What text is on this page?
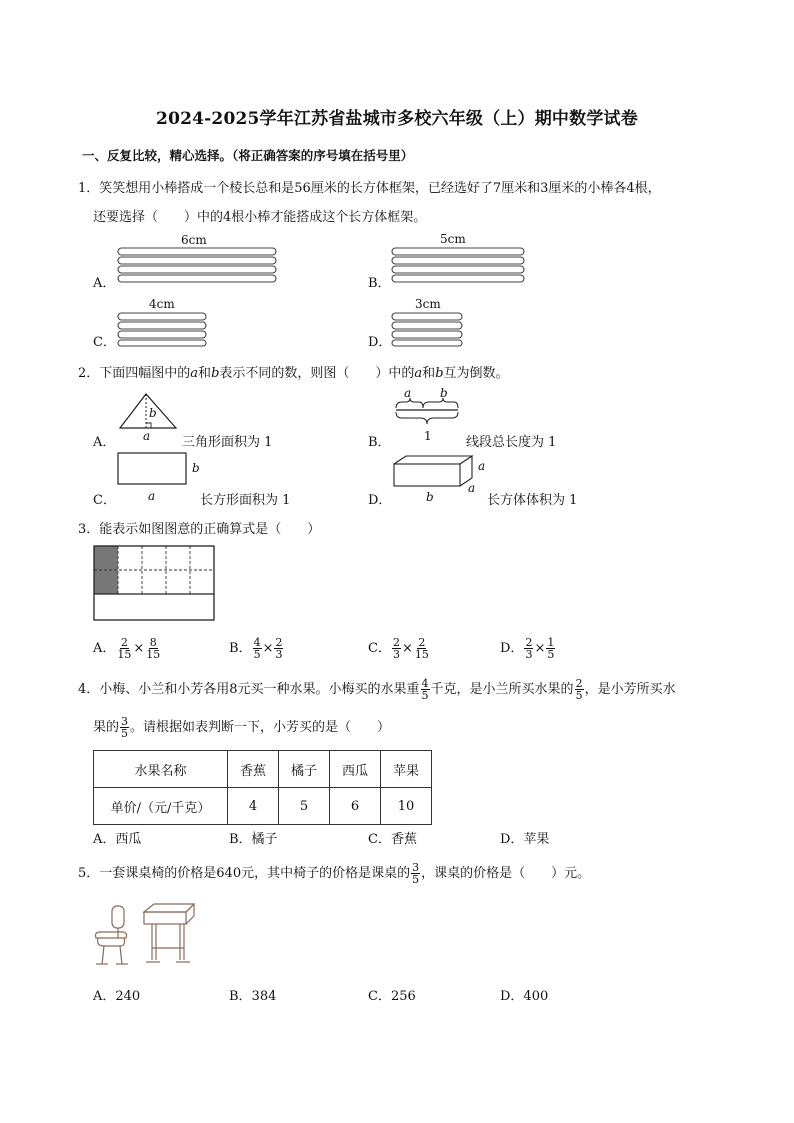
2024-2025学年江苏省盐城市多校六年级（上）期中数学试卷
一、反复比较，精心选择。（将正确答案的序号填在括号里）
1．笑笑想用小棒搭成一个棱长总和是56厘米的长方体框架，已经选好了7厘米和3厘米的小棒各4根，
还要选择（　　）中的4根小棒才能搭成这个长方体框架。
A．
6cm
B．
5cm
C．
4cm
D．
3cm
2．下面四幅图中的a和b表示不同的数，则图（　　）中的a和b互为倒数。
A．
b
a 三角形面积为 1	B．
a b
1	线段总长度为 1
C．
b
a	长方形面积为 1	D．
a
a
b	长方体体积为 1
3．能表示如图图意的正确算式是（　　）
A． $\frac{2}{15} \times \frac{8}{15}$	B． $\frac{4}{5} \times \frac{2}{3}$	C． $\frac{2}{3} \times \frac{2}{15}$	D． $\frac{2}{3} \times \frac{1}{5}$
4．小梅、小兰和小芳各用8元买一种水果。小梅买的水果重 $\frac{4}{5}$ 千克，是小兰所买水果的 $\frac{2}{5}$ ，是小芳所买水
果的 $\frac{3}{5}$ 。请根据如表判断一下，小芳买的是（　　）
水果名称	香蕉	橘子	西瓜	苹果
单价/（元/千克）	4	5	6	10
A．西瓜	B．橘子	C．香蕉	D．苹果
5．一套课桌椅的价格是640元，其中椅子的价格是课桌的 $\frac{3}{5}$ ，课桌的价格是（　　）元。
A．240	B．384	C．256	D．400
